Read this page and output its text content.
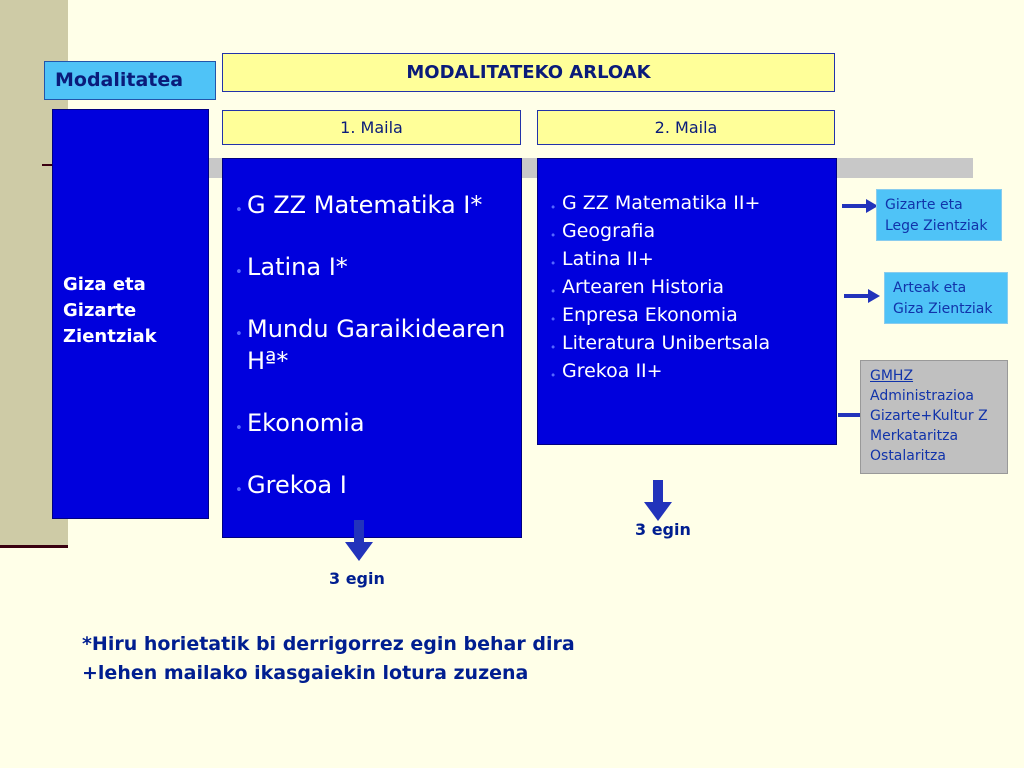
Modalitatea	MODALITATEKO ARLOAK
1. Maila	2. Maila
Giza eta
Gizarte
Zientziak
• G ZZ Matematika I*
• Latina I*
• Mundu Garaikidearen Hª*
• Ekonomia
• Grekoa I
• G ZZ Matematika II+
• Geografia
• Latina II+
• Artearen Historia
• Enpresa Ekonomia
• Literatura Unibertsala
• Grekoa II+
Gizarte eta
Lege Zientziak
Arteak eta
Giza Zientziak
GMHZ
Administrazioa
Gizarte+Kultur Z
Merkataritza
Ostalaritza
3 egin
3 egin
*Hiru horietatik bi derrigorrez egin behar dira
+lehen mailako ikasgaiekin lotura zuzena
